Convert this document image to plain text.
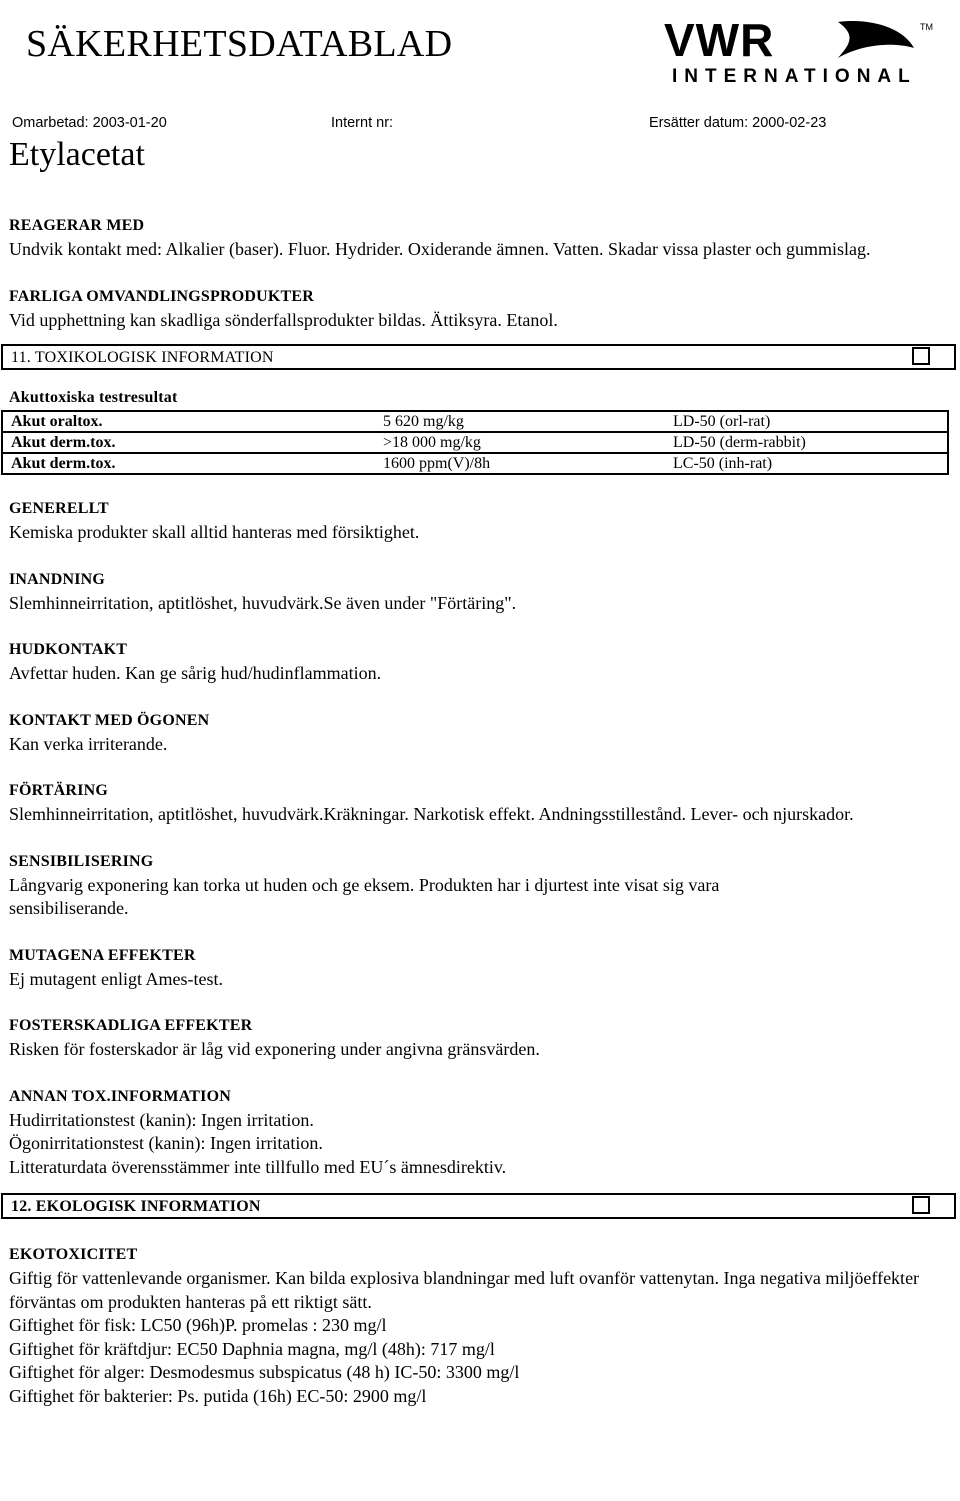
SÄKERHETSDATABLAD	VWR	TM
INTERNATIONAL
Omarbetad: 2003-01-20	Internt nr:	Ersätter datum: 2000-02-23
Etylacetat
REAGERAR MED
Undvik kontakt med: Alkalier (baser). Fluor. Hydrider. Oxiderande ämnen. Vatten. Skadar vissa plaster och gummislag.
FARLIGA OMVANDLINGSPRODUKTER
Vid upphettning kan skadliga sönderfallsprodukter bildas. Ättiksyra. Etanol.
11. TOXIKOLOGISK INFORMATION
Akuttoxiska testresultat
Akut oraltox.	5 620 mg/kg	LD-50 (orl-rat)
Akut derm.tox.	>18 000 mg/kg	LD-50 (derm-rabbit)
Akut derm.tox.	1600 ppm(V)/8h	LC-50 (inh-rat)
GENERELLT
Kemiska produkter skall alltid hanteras med försiktighet.
INANDNING
Slemhinneirritation, aptitlöshet, huvudvärk.Se även under "Förtäring".
HUDKONTAKT
Avfettar huden. Kan ge sårig hud/hudinflammation.
KONTAKT MED ÖGONEN
Kan verka irriterande.
FÖRTÄRING
Slemhinneirritation, aptitlöshet, huvudvärk.Kräkningar. Narkotisk effekt. Andningsstillestånd. Lever- och njurskador.
SENSIBILISERING
Långvarig exponering kan torka ut huden och ge eksem. Produkten har i djurtest inte visat sig vara sensibiliserande.
MUTAGENA EFFEKTER
Ej mutagent enligt Ames-test.
FOSTERSKADLIGA EFFEKTER
Risken för fosterskador är låg vid exponering under angivna gränsvärden.
ANNAN TOX.INFORMATION
Hudirritationstest (kanin): Ingen irritation.
Ögonirritationstest (kanin): Ingen irritation.
Litteraturdata överensstämmer inte tillfullo med EU´s ämnesdirektiv.
12. EKOLOGISK INFORMATION
EKOTOXICITET
Giftig för vattenlevande organismer. Kan bilda explosiva blandningar med luft ovanför vattenytan. Inga negativa miljöeffekter förväntas om produkten hanteras på ett riktigt sätt.
Giftighet för fisk: LC50 (96h)P. promelas : 230 mg/l
Giftighet för kräftdjur: EC50 Daphnia magna, mg/l (48h): 717 mg/l
Giftighet för alger: Desmodesmus subspicatus (48 h) IC-50: 3300 mg/l
Giftighet för bakterier: Ps. putida (16h) EC-50: 2900 mg/l
